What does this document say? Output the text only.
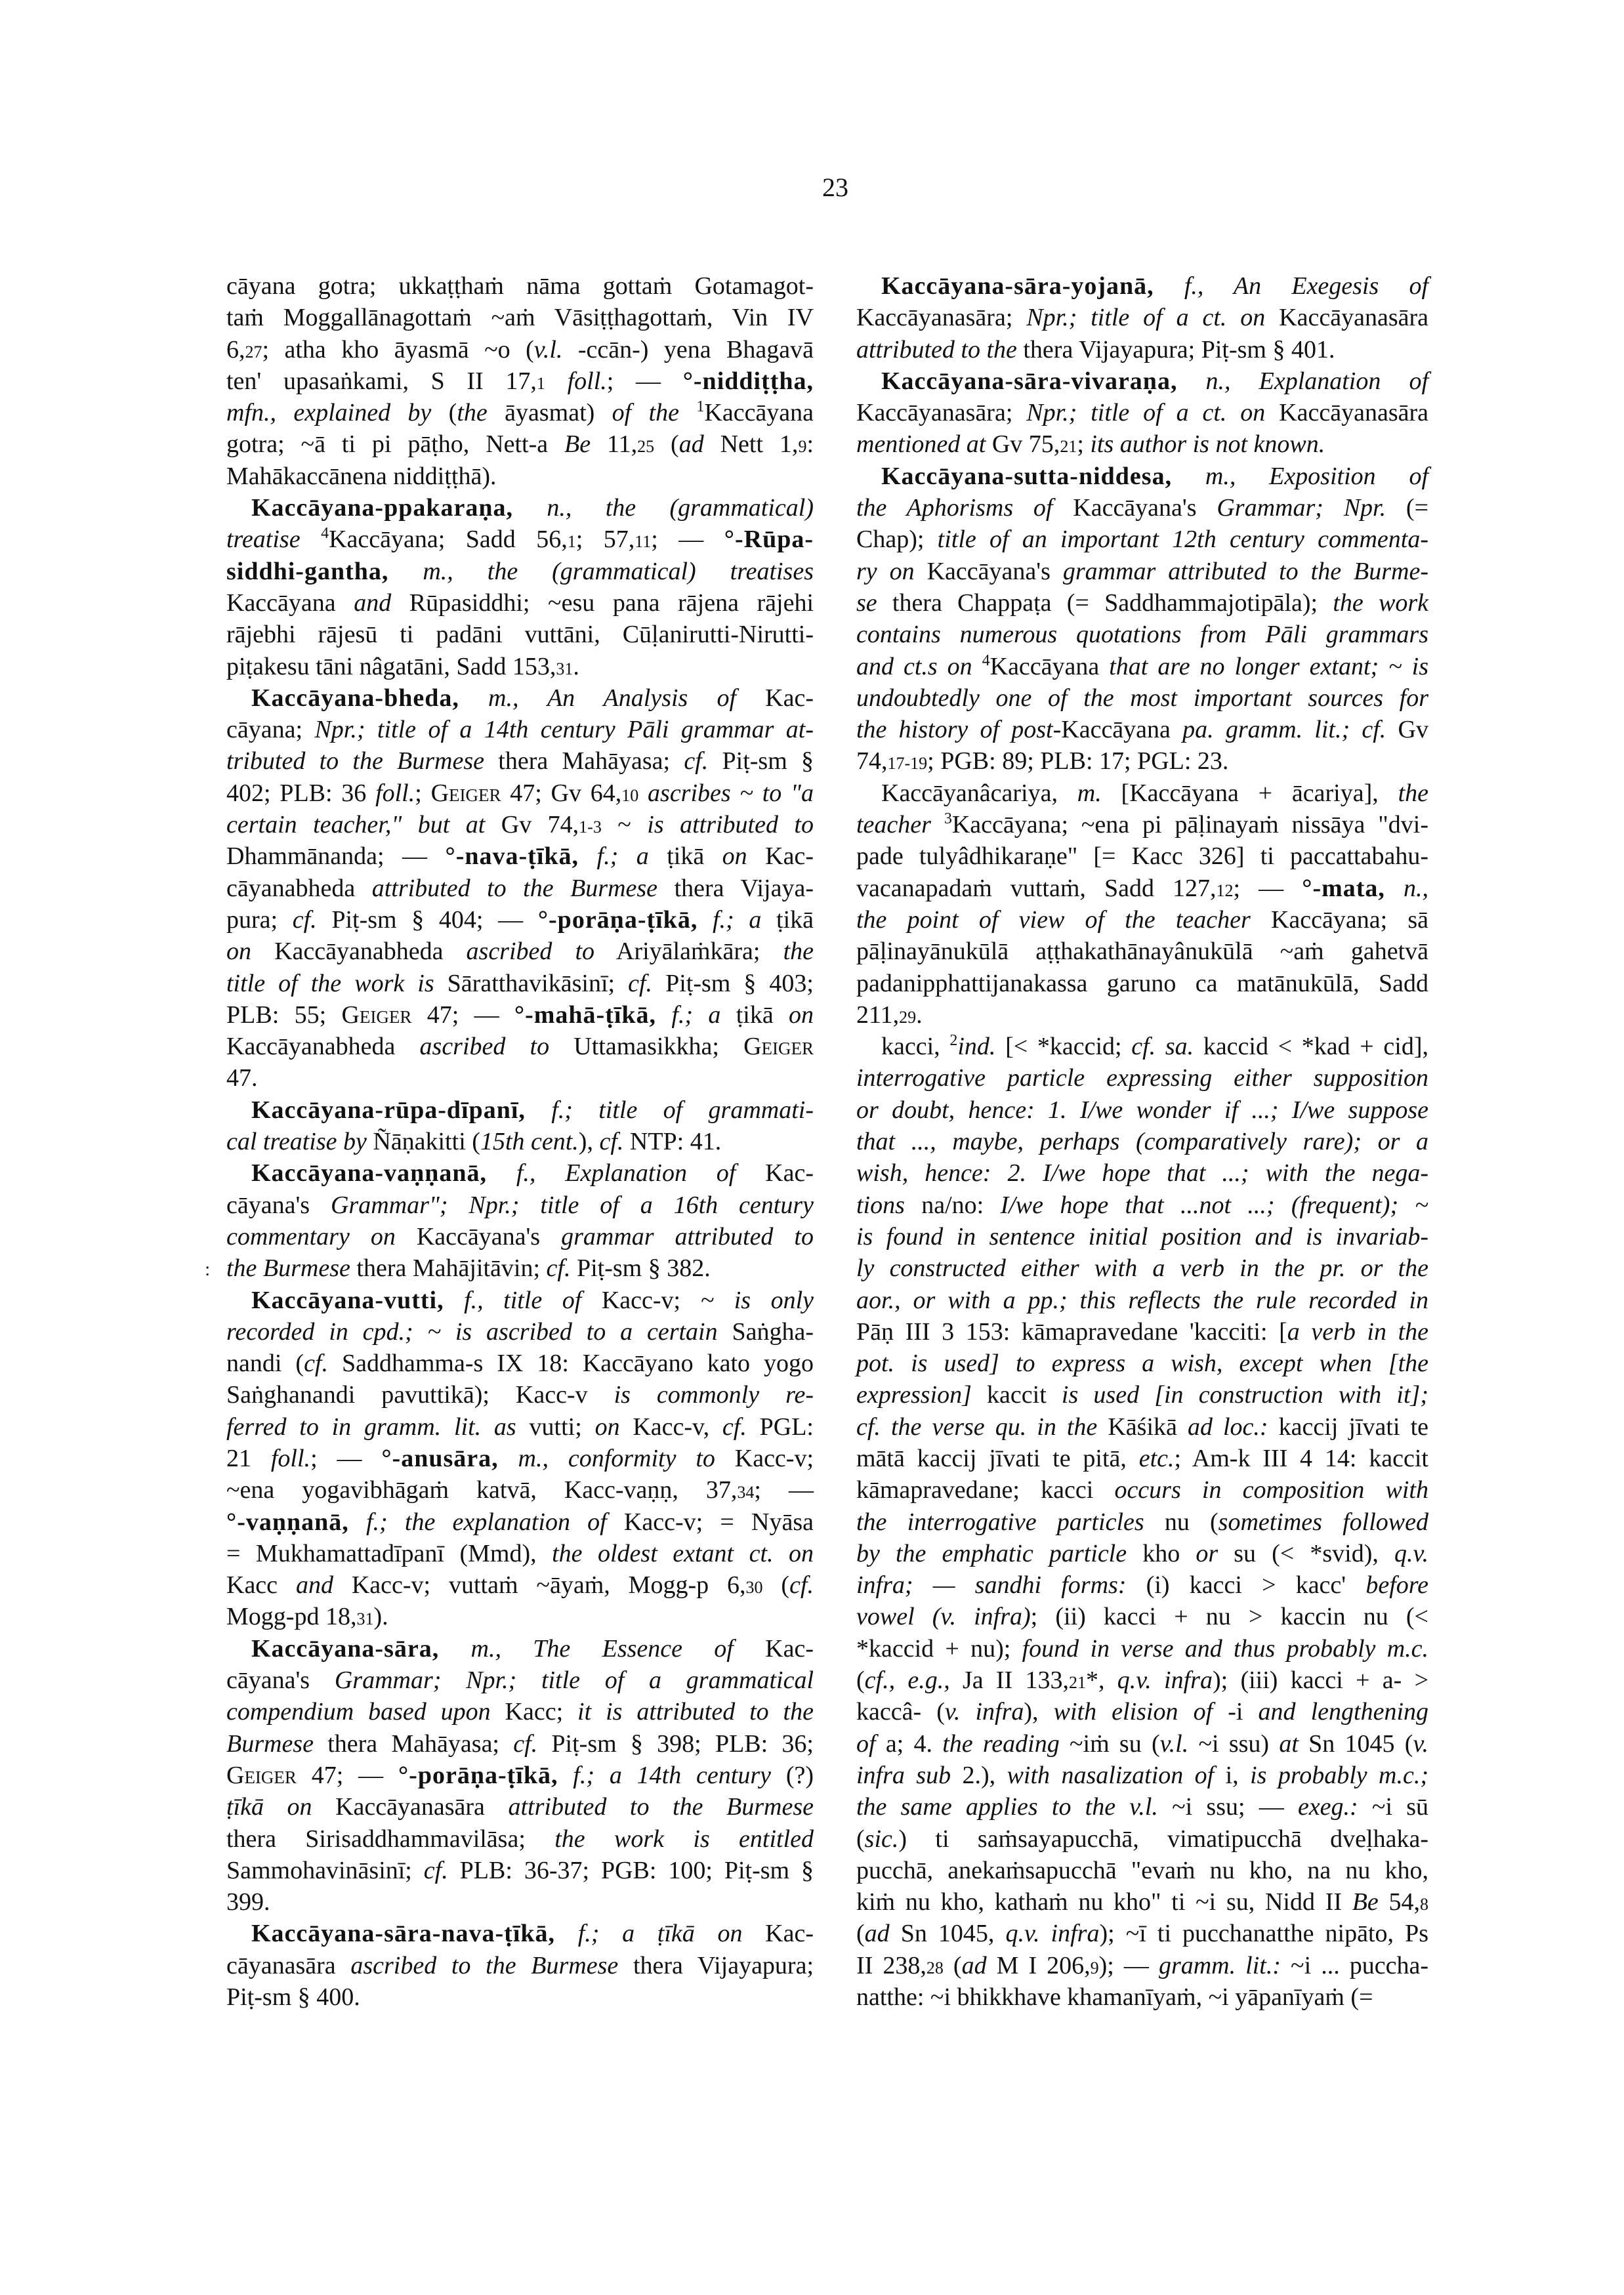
23
:
cāyana gotra; ukkaṭṭhaṁ nāma gottaṁ Gotamagot-
taṁ Moggallānagottaṁ ~aṁ Vāsiṭṭhagottaṁ, Vin IV
6,27; atha kho āyasmā ~o (v.l. -ccān-) yena Bhagavā
ten' upasaṅkami, S II 17,1 foll.; — °-niddiṭṭha,
mfn., explained by (the āyasmat) of the $^1$Kaccāyana
gotra; ~ā ti pi pāṭho, Nett-a Be 11,25 (ad Nett 1,9:
Mahākaccānena niddiṭṭhā).
Kaccāyana-ppakaraṇa, n., the (grammatical)
treatise $^4$Kaccāyana; Sadd 56,1; 57,11; — °-Rūpa-
siddhi-gantha, m., the (grammatical) treatises
Kaccāyana and Rūpasiddhi; ~esu pana rājena rājehi
rājebhi rājesū ti padāni vuttāni, Cūḷanirutti-Nirutti-
piṭakesu tāni nâgatāni, Sadd 153,31.
Kaccāyana-bheda, m., An Analysis of Kac-
cāyana; Npr.; title of a 14th century Pāli grammar at-
tributed to the Burmese thera Mahāyasa; cf. Piṭ-sm §
402; PLB: 36 foll.; Geiger 47; Gv 64,10 ascribes ~ to "a
certain teacher," but at Gv 74,1-3 ~ is attributed to
Dhammānanda; — °-nava-ṭīkā, f.; a ṭikā on Kac-
cāyanabheda attributed to the Burmese thera Vijaya-
pura; cf. Piṭ-sm § 404; — °-porāṇa-ṭīkā, f.; a ṭikā
on Kaccāyanabheda ascribed to Ariyālaṁkāra; the
title of the work is Sāratthavikāsinī; cf. Piṭ-sm § 403;
PLB: 55; Geiger 47; — °-mahā-ṭīkā, f.; a ṭikā on
Kaccāyanabheda ascribed to Uttamasikkha; Geiger
47.
Kaccāyana-rūpa-dīpanī, f.; title of grammati-
cal treatise by Ñāṇakitti (15th cent.), cf. NTP: 41.
Kaccāyana-vaṇṇanā, f., Explanation of Kac-
cāyana's Grammar"; Npr.; title of a 16th century
commentary on Kaccāyana's grammar attributed to
the Burmese thera Mahājitāvin; cf. Piṭ-sm § 382.
Kaccāyana-vutti, f., title of Kacc-v; ~ is only
recorded in cpd.; ~ is ascribed to a certain Saṅgha-
nandi (cf. Saddhamma-s IX 18: Kaccāyano kato yogo
Saṅghanandi pavuttikā); Kacc-v is commonly re-
ferred to in gramm. lit. as vutti; on Kacc-v, cf. PGL:
21 foll.; — °-anusāra, m., conformity to Kacc-v;
~ena yogavibhāgaṁ katvā, Kacc-vaṇṇ, 37,34; —
°-vaṇṇanā, f.; the explanation of Kacc-v; = Nyāsa
= Mukhamattadīpanī (Mmd), the oldest extant ct. on
Kacc and Kacc-v; vuttaṁ ~āyaṁ, Mogg-p 6,30 (cf.
Mogg-pd 18,31).
Kaccāyana-sāra, m., The Essence of Kac-
cāyana's Grammar; Npr.; title of a grammatical
compendium based upon Kacc; it is attributed to the
Burmese thera Mahāyasa; cf. Piṭ-sm § 398; PLB: 36;
Geiger 47; — °-porāṇa-ṭīkā, f.; a 14th century (?)
ṭīkā on Kaccāyanasāra attributed to the Burmese
thera Sirisaddhammavilāsa; the work is entitled
Sammohavināsinī; cf. PLB: 36-37; PGB: 100; Piṭ-sm §
399.
Kaccāyana-sāra-nava-ṭīkā, f.; a ṭīkā on Kac-
cāyanasāra ascribed to the Burmese thera Vijayapura;
Piṭ-sm § 400.
Kaccāyana-sāra-yojanā, f., An Exegesis of
Kaccāyanasāra; Npr.; title of a ct. on Kaccāyanasāra
attributed to the thera Vijayapura; Piṭ-sm § 401.
Kaccāyana-sāra-vivaraṇa, n., Explanation of
Kaccāyanasāra; Npr.; title of a ct. on Kaccāyanasāra
mentioned at Gv 75,21; its author is not known.
Kaccāyana-sutta-niddesa, m., Exposition of
the Aphorisms of Kaccāyana's Grammar; Npr. (=
Chap); title of an important 12th century commenta-
ry on Kaccāyana's grammar attributed to the Burme-
se thera Chappaṭa (= Saddhammajotipāla); the work
contains numerous quotations from Pāli grammars
and ct.s on $^4$Kaccāyana that are no longer extant; ~ is
undoubtedly one of the most important sources for
the history of post-Kaccāyana pa. gramm. lit.; cf. Gv
74,17-19; PGB: 89; PLB: 17; PGL: 23.
Kaccāyanâcariya, m. [Kaccāyana + ācariya], the
teacher $^3$Kaccāyana; ~ena pi pāḷinayaṁ nissāya "dvi-
pade tulyâdhikaraṇe" [= Kacc 326] ti paccattabahu-
vacanapadaṁ vuttaṁ, Sadd 127,12; — °-mata, n.,
the point of view of the teacher Kaccāyana; sā
pāḷinayānukūlā aṭṭhakathānayânukūlā ~aṁ gahetvā
padanipphattijanakassa garuno ca matānukūlā, Sadd
211,29.
kacci, $^2$ind. [< *kaccid; cf. sa. kaccid < *kad + cid],
interrogative particle expressing either supposition
or doubt, hence: 1. I/we wonder if ...; I/we suppose
that ..., maybe, perhaps (comparatively rare); or a
wish, hence: 2. I/we hope that ...; with the nega-
tions na/no: I/we hope that ...not ...; (frequent); ~
is found in sentence initial position and is invariab-
ly constructed either with a verb in the pr. or the
aor., or with a pp.; this reflects the rule recorded in
Pāṇ III 3 153: kāmapravedane 'kacciti: [a verb in the
pot. is used] to express a wish, except when [the
expression] kaccit is used [in construction with it];
cf. the verse qu. in the Kāśikā ad loc.: kaccij jīvati te
mātā kaccij jīvati te pitā, etc.; Am-k III 4 14: kaccit
kāmapravedane; kacci occurs in composition with
the interrogative particles nu (sometimes followed
by the emphatic particle kho or su (< *svid), q.v.
infra; — sandhi forms: (i) kacci > kacc' before
vowel (v. infra); (ii) kacci + nu > kaccin nu (<
*kaccid + nu); found in verse and thus probably m.c.
(cf., e.g., Ja II 133,21*, q.v. infra); (iii) kacci + a- >
kaccâ- (v. infra), with elision of -i and lengthening
of a; 4. the reading ~iṁ su (v.l. ~i ssu) at Sn 1045 (v.
infra sub 2.), with nasalization of i, is probably m.c.;
the same applies to the v.l. ~i ssu; — exeg.: ~i sū
(sic.) ti saṁsayapucchā, vimatipucchā dveḷhaka-
pucchā, anekaṁsapucchā "evaṁ nu kho, na nu kho,
kiṁ nu kho, kathaṁ nu kho" ti ~i su, Nidd II Be 54,8
(ad Sn 1045, q.v. infra); ~ī ti pucchanatthe nipāto, Ps
II 238,28 (ad M I 206,9); — gramm. lit.: ~i ... puccha-
natthe: ~i bhikkhave khamanīyaṁ, ~i yāpanīyaṁ (=
